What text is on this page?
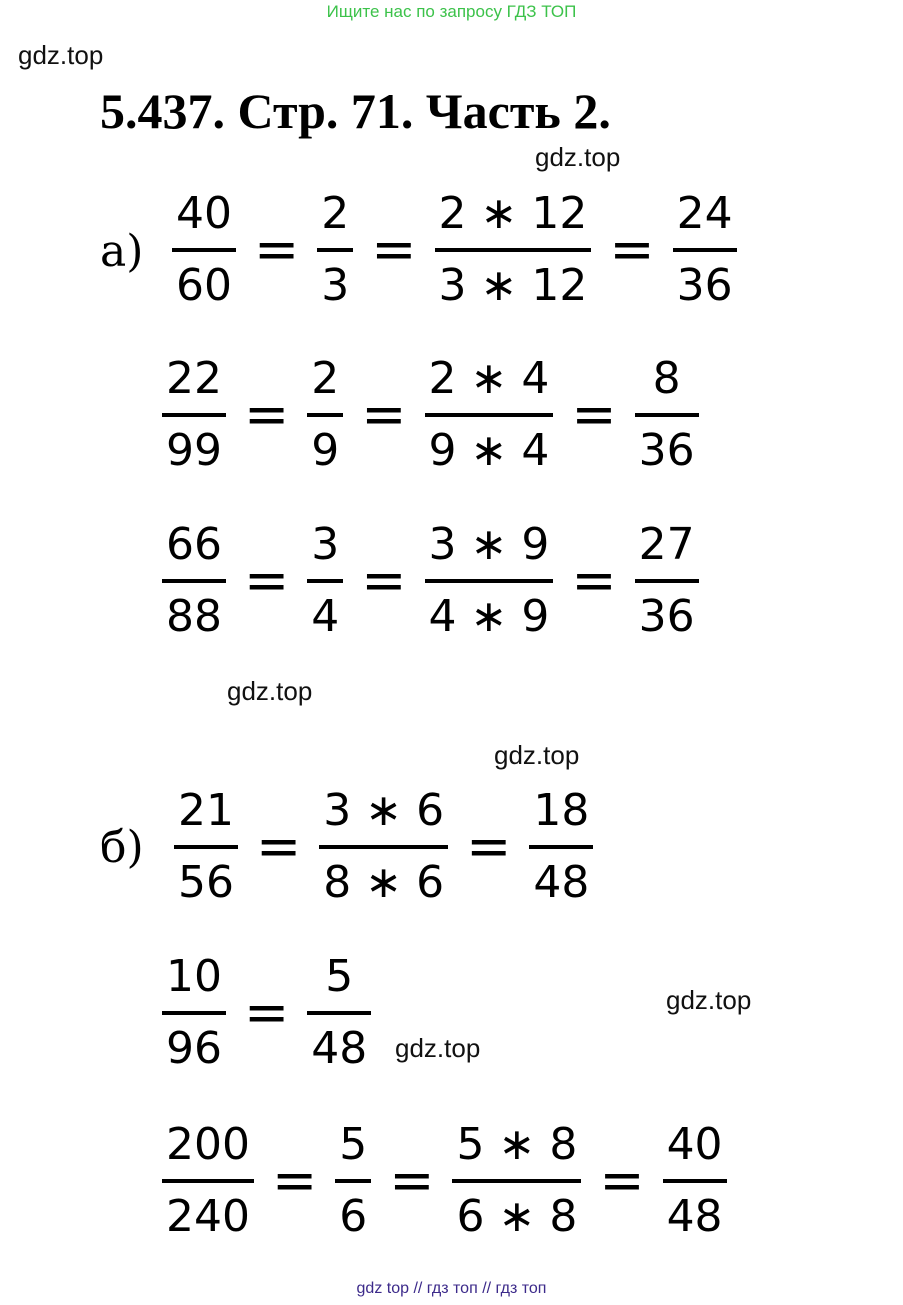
Ищите нас по запросу ГДЗ ТОП
gdz.top
gdz.top
gdz.top
gdz.top
gdz.top
gdz.top
5.437. Стр. 71. Часть 2.
$а) \frac{40}{60} = \frac{2}{3} = \frac{2 ∗ 12}{3 ∗ 12} = \frac{24}{36}$
$\frac{22}{99} = \frac{2}{9} = \frac{2 ∗ 4}{9 ∗ 4} = \frac{8}{36}$
$\frac{66}{88} = \frac{3}{4} = \frac{3 ∗ 9}{4 ∗ 9} = \frac{27}{36}$
$б) \frac{21}{56} = \frac{3 ∗ 6}{8 ∗ 6} = \frac{18}{48}$
$\frac{10}{96} = \frac{5}{48}$
$\frac{200}{240} = \frac{5}{6} = \frac{5 ∗ 8}{6 ∗ 8} = \frac{40}{48}$
gdz top // гдз топ // гдз топ
